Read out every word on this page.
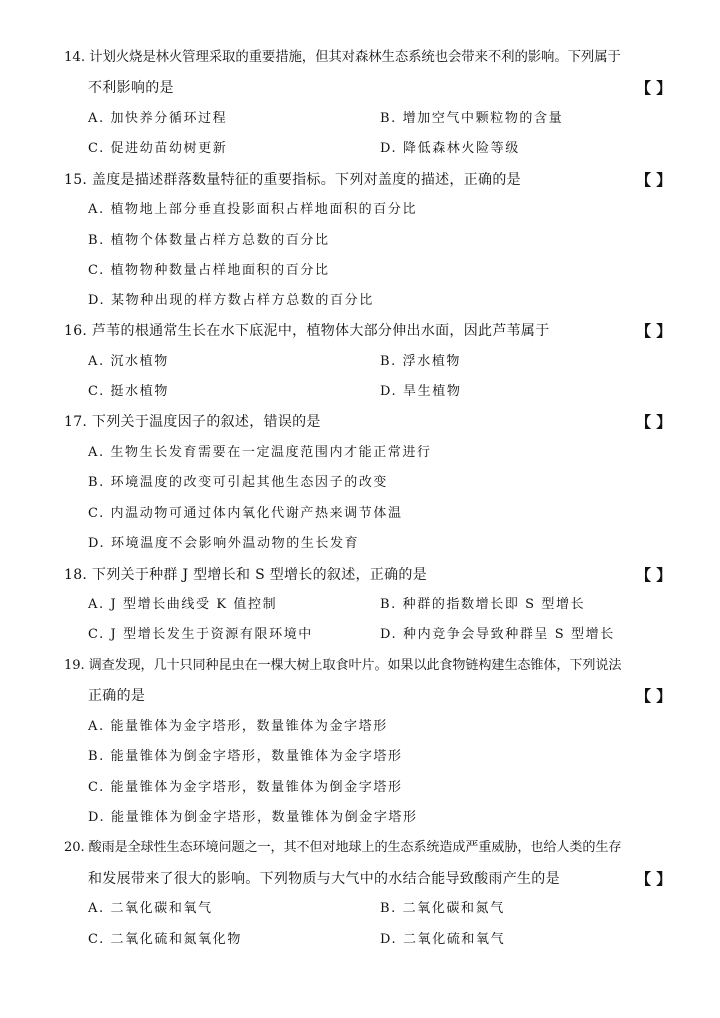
14. 计划火烧是林火管理采取的重要措施，但其对森林生态系统也会带来不利的影响。下列属于
不利影响的是	【 】
A. 加快养分循环过程	B. 增加空气中颗粒物的含量
C. 促进幼苗幼树更新	D. 降低森林火险等级
15. 盖度是描述群落数量特征的重要指标。下列对盖度的描述，正确的是	【 】
A. 植物地上部分垂直投影面积占样地面积的百分比
B. 植物个体数量占样方总数的百分比
C. 植物物种数量占样地面积的百分比
D. 某物种出现的样方数占样方总数的百分比
16. 芦苇的根通常生长在水下底泥中，植物体大部分伸出水面，因此芦苇属于	【 】
A. 沉水植物	B. 浮水植物
C. 挺水植物	D. 旱生植物
17. 下列关于温度因子的叙述，错误的是	【 】
A. 生物生长发育需要在一定温度范围内才能正常进行
B. 环境温度的改变可引起其他生态因子的改变
C. 内温动物可通过体内氧化代谢产热来调节体温
D. 环境温度不会影响外温动物的生长发育
18. 下列关于种群 J 型增长和 S 型增长的叙述，正确的是	【 】
A. J 型增长曲线受 K 值控制	B. 种群的指数增长即 S 型增长
C. J 型增长发生于资源有限环境中	D. 种内竞争会导致种群呈 S 型增长
19. 调查发现，几十只同种昆虫在一棵大树上取食叶片。如果以此食物链构建生态锥体，下列说法
正确的是	【 】
A. 能量锥体为金字塔形，数量锥体为金字塔形
B. 能量锥体为倒金字塔形，数量锥体为金字塔形
C. 能量锥体为金字塔形，数量锥体为倒金字塔形
D. 能量锥体为倒金字塔形，数量锥体为倒金字塔形
20. 酸雨是全球性生态环境问题之一，其不但对地球上的生态系统造成严重威胁，也给人类的生存
和发展带来了很大的影响。下列物质与大气中的水结合能导致酸雨产生的是	【 】
A. 二氧化碳和氧气	B. 二氧化碳和氮气
C. 二氧化硫和氮氧化物	D. 二氧化硫和氧气
